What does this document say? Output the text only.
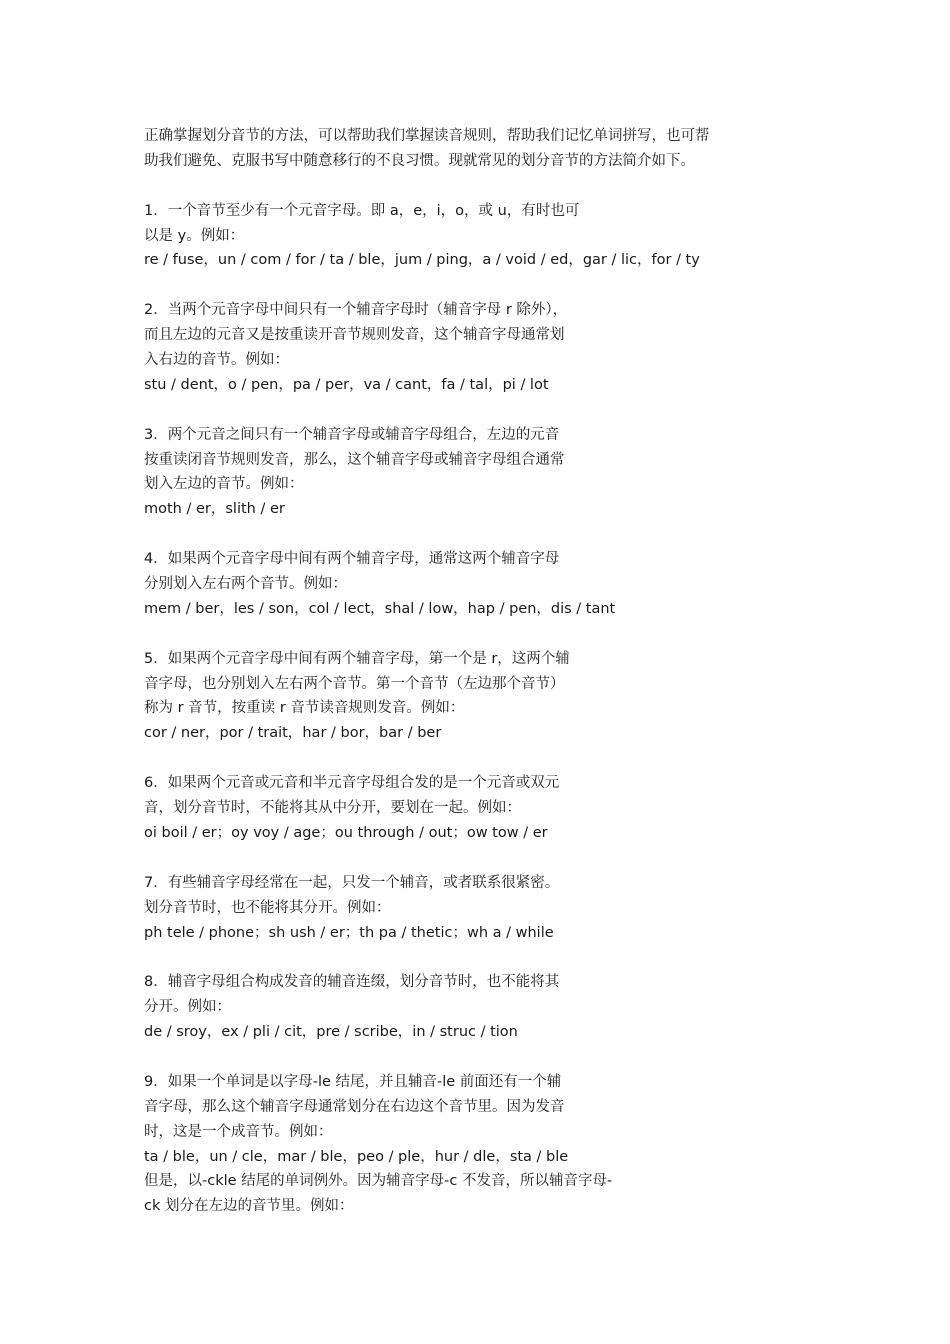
正确掌握划分音节的方法，可以帮助我们掌握读音规则，帮助我们记忆单词拼写，也可帮
助我们避免、克服书写中随意移行的不良习惯。现就常见的划分音节的方法简介如下。
1．一个音节至少有一个元音字母。即 a，e，i，o，或 u，有时也可
以是 y。例如：
re / fuse，un / com / for / ta / ble，jum / ping，a / void / ed，gar / lic，for / ty
2．当两个元音字母中间只有一个辅音字母时（辅音字母 r 除外），
而且左边的元音又是按重读开音节规则发音，这个辅音字母通常划
入右边的音节。例如：
stu / dent，o / pen，pa / per，va / cant，fa / tal，pi / lot
3．两个元音之间只有一个辅音字母或辅音字母组合，左边的元音
按重读闭音节规则发音，那么，这个辅音字母或辅音字母组合通常
划入左边的音节。例如：
moth / er，slith / er
4．如果两个元音字母中间有两个辅音字母，通常这两个辅音字母
分别划入左右两个音节。例如：
mem / ber，les / son，col / lect，shal / low，hap / pen，dis / tant
5．如果两个元音字母中间有两个辅音字母，第一个是 r，这两个辅
音字母，也分别划入左右两个音节。第一个音节（左边那个音节）
称为 r 音节，按重读 r 音节读音规则发音。例如：
cor / ner，por / trait，har / bor，bar / ber
6．如果两个元音或元音和半元音字母组合发的是一个元音或双元
音，划分音节时，不能将其从中分开，要划在一起。例如：
oi boil / er；oy voy / age；ou through / out；ow tow / er
7．有些辅音字母经常在一起，只发一个辅音，或者联系很紧密。
划分音节时，也不能将其分开。例如：
ph tele / phone；sh ush / er；th pa / thetic；wh a / while
8．辅音字母组合构成发音的辅音连缀，划分音节时，也不能将其
分开。例如：
de / sroy，ex / pli / cit，pre / scribe，in / struc / tion
9．如果一个单词是以字母-le 结尾，并且辅音-le 前面还有一个辅
音字母，那么这个辅音字母通常划分在右边这个音节里。因为发音
时，这是一个成音节。例如：
ta / ble，un / cle，mar / ble，peo / ple，hur / dle，sta / ble
但是，以-ckle 结尾的单词例外。因为辅音字母-c 不发音，所以辅音字母-
ck 划分在左边的音节里。例如：
